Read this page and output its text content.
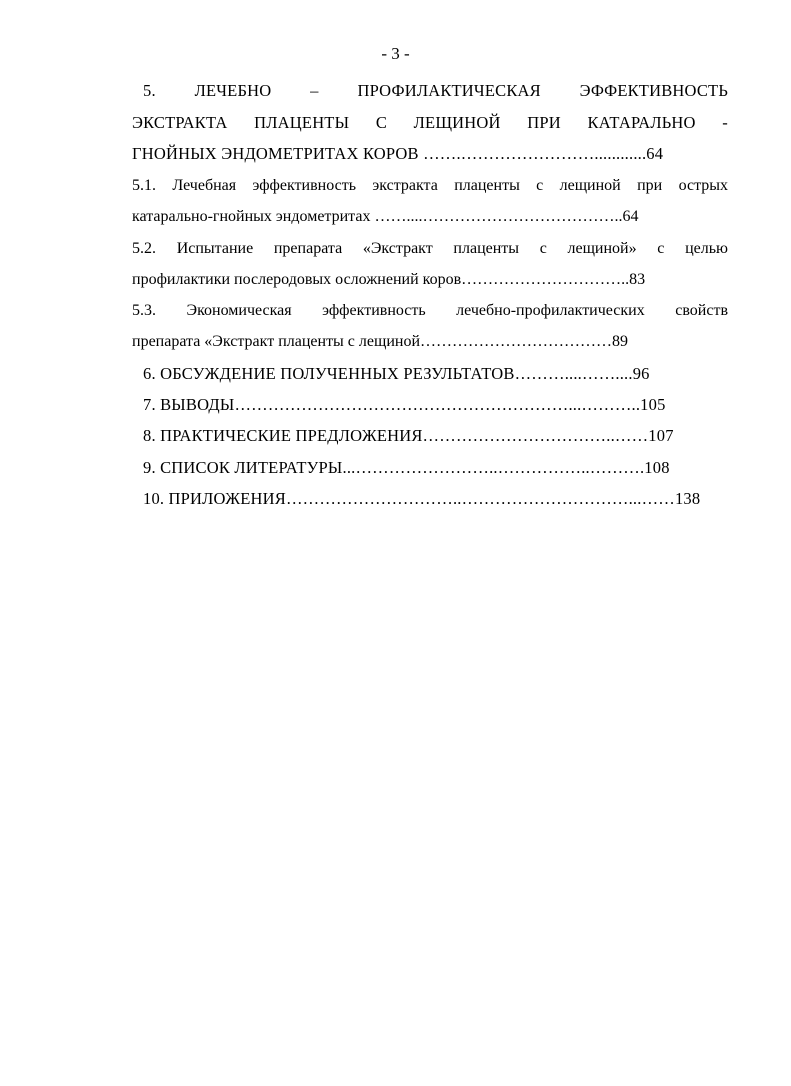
- 3 -
5. ЛЕЧЕБНО – ПРОФИЛАКТИЧЕСКАЯ ЭФФЕКТИВНОСТЬ
ЭКСТРАКТА ПЛАЦЕНТЫ С ЛЕЩИНОЙ ПРИ КАТАРАЛЬНО -
ГНОЙНЫХ ЭНДОМЕТРИТАХ КОРОВ …….……………………............64
5.1. Лечебная эффективность экстракта плаценты с лещиной при острых
катарально-гнойных эндометритах ……....………………………………..64
5.2. Испытание препарата «Экстракт плаценты с лещиной» с целью
профилактики послеродовых осложнений коров…………………………..83
5.3. Экономическая эффективность лечебно-профилактических свойств
препарата «Экстракт плаценты с лещиной………………………………89
6. ОБСУЖДЕНИЕ ПОЛУЧЕННЫХ РЕЗУЛЬТАТОВ………....……....96
7. ВЫВОДЫ……………………………………………………...………..105
8. ПРАКТИЧЕСКИЕ ПРЕДЛОЖЕНИЯ……………………………..……107
9. СПИСОК ЛИТЕРАТУРЫ...……………………..……………..……….108
10. ПРИЛОЖЕНИЯ…………………………..…………………………...……138
